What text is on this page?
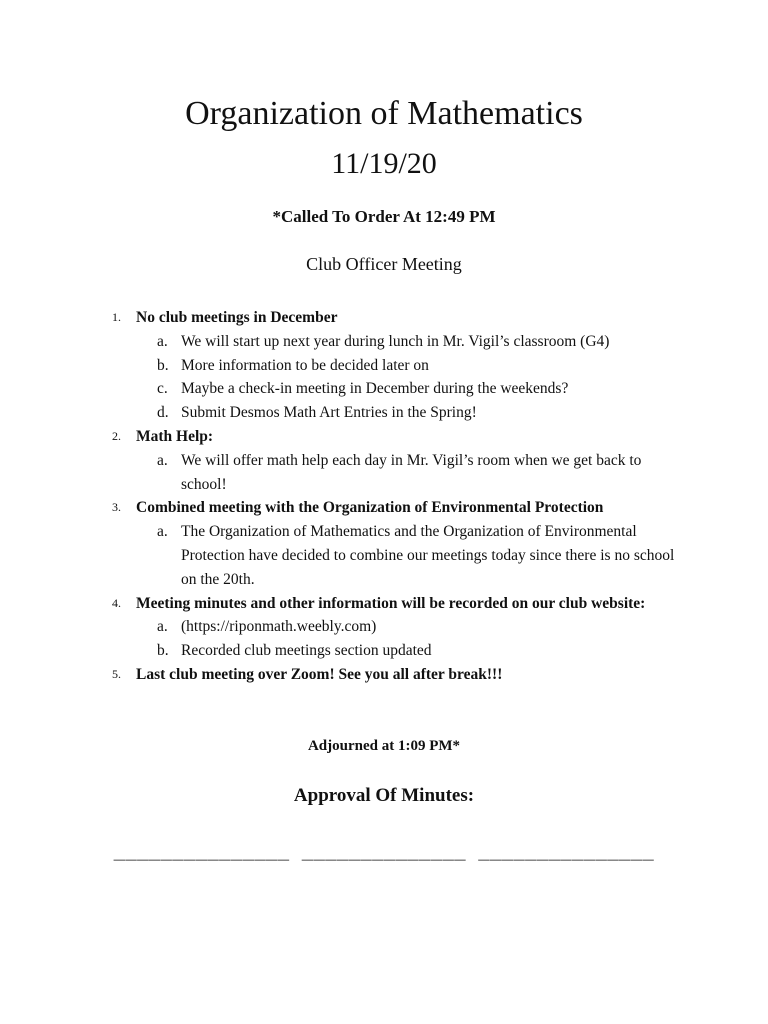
Organization of Mathematics
11/19/20
*Called To Order At 12:49 PM
Club Officer Meeting
1. No club meetings in December
a. We will start up next year during lunch in Mr. Vigil’s classroom (G4)
b. More information to be decided later on
c. Maybe a check-in meeting in December during the weekends?
d. Submit Desmos Math Art Entries in the Spring!
2. Math Help:
a. We will offer math help each day in Mr. Vigil’s room when we get back to school!
3. Combined meeting with the Organization of Environmental Protection
a. The Organization of Mathematics and the Organization of Environmental Protection have decided to combine our meetings today since there is no school on the 20th.
4. Meeting minutes and other information will be recorded on our club website:
a. (https://riponmath.weebly.com)
b. Recorded club meetings section updated
5. Last club meeting over Zoom! See you all after break!!!
Adjourned at 1:09 PM*
Approval Of Minutes:
_______________  ______________  _______________
